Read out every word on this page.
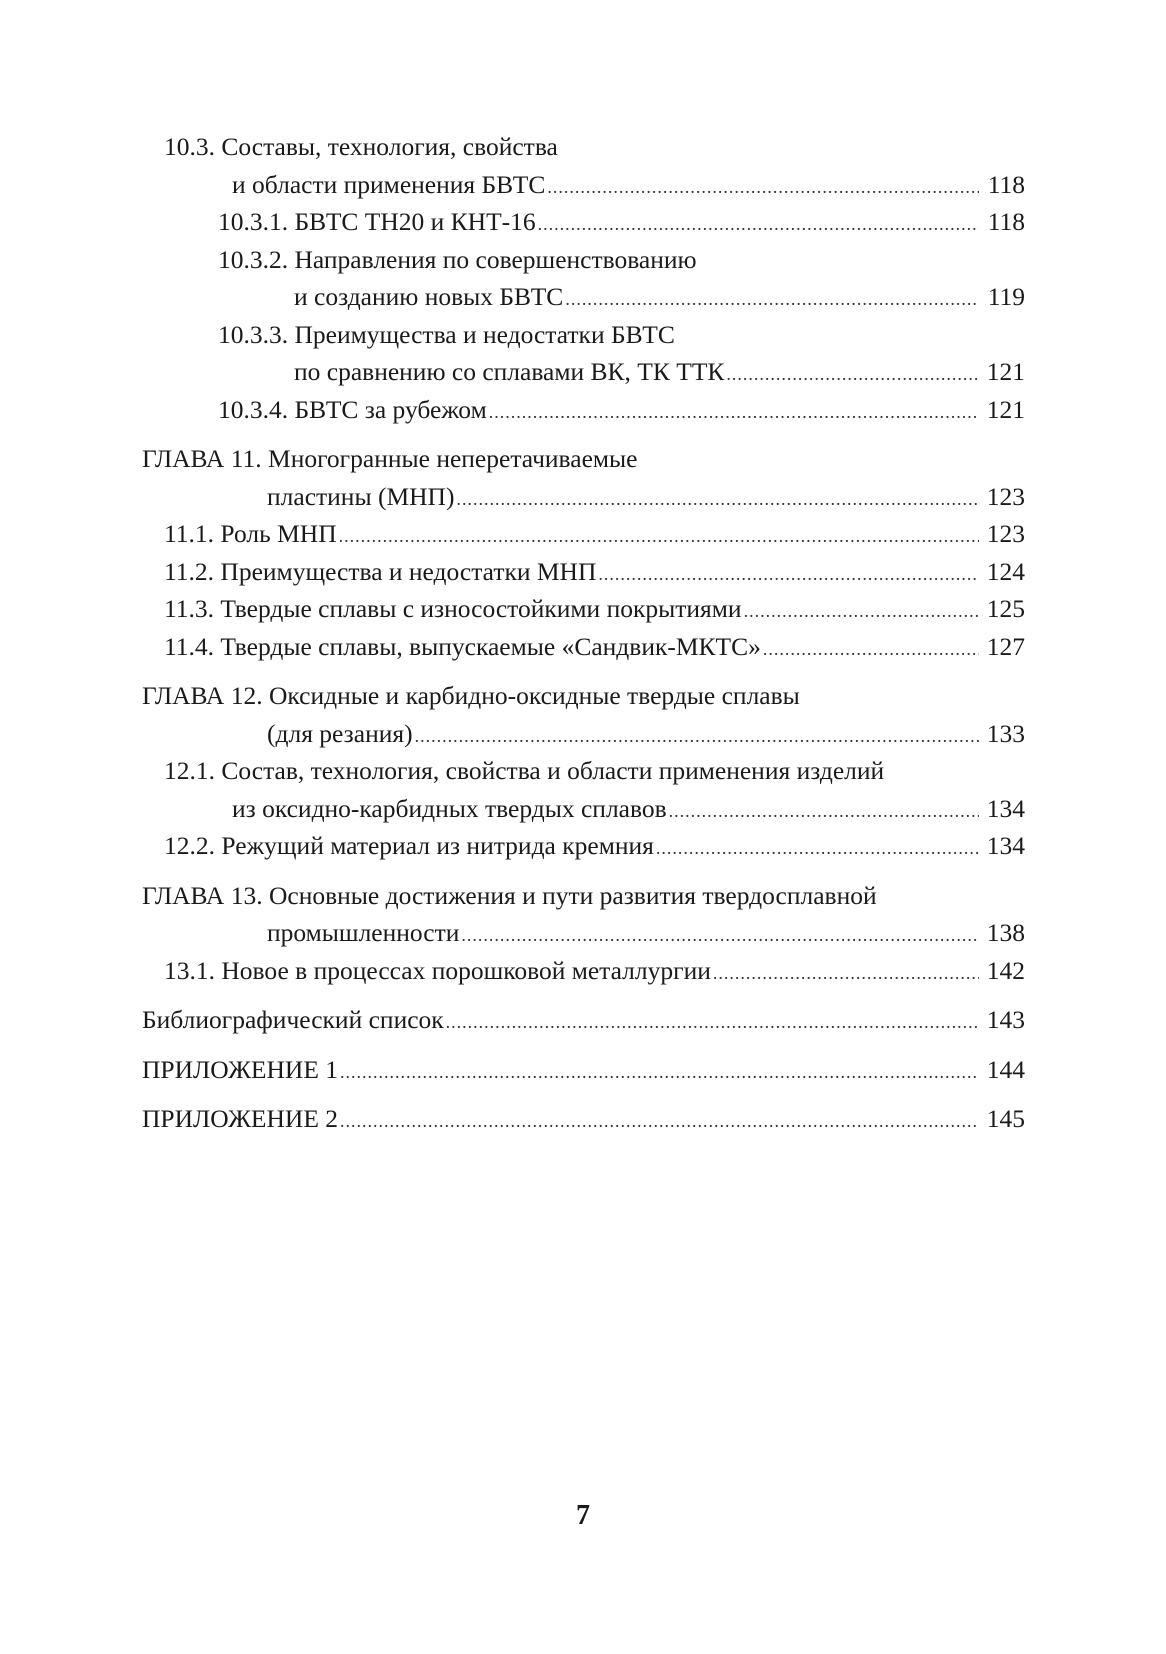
10.3. Составы, технология, свойства
и области применения БВТС .....	118
10.3.1. БВТС ТН20 и КНТ-16 .....	118
10.3.2. Направления по совершенствованию
и созданию новых БВТС .....	119
10.3.3. Преимущества и недостатки БВТС
по сравнению со сплавами ВК, ТК ТТК .....	121
10.3.4. БВТС за рубежом .....	121
ГЛАВА 11. Многогранные неперетачиваемые
пластины (МНП) .....	123
11.1. Роль МНП .....	123
11.2. Преимущества и недостатки МНП .....	124
11.3. Твердые сплавы с износостойкими покрытиями .....	125
11.4. Твердые сплавы, выпускаемые «Сандвик-МКТС» .....	127
ГЛАВА 12. Оксидные и карбидно-оксидные твердые сплавы
(для резания) .....	133
12.1. Состав, технология, свойства и области применения изделий
из оксидно-карбидных твердых сплавов .....	134
12.2. Режущий материал из нитрида кремния .....	134
ГЛАВА 13. Основные достижения и пути развития твердосплавной
промышленности .....	138
13.1. Новое в процессах порошковой металлургии .....	142
Библиографический список .....	143
ПРИЛОЖЕНИЕ 1 .....	144
ПРИЛОЖЕНИЕ 2 .....	145
7
